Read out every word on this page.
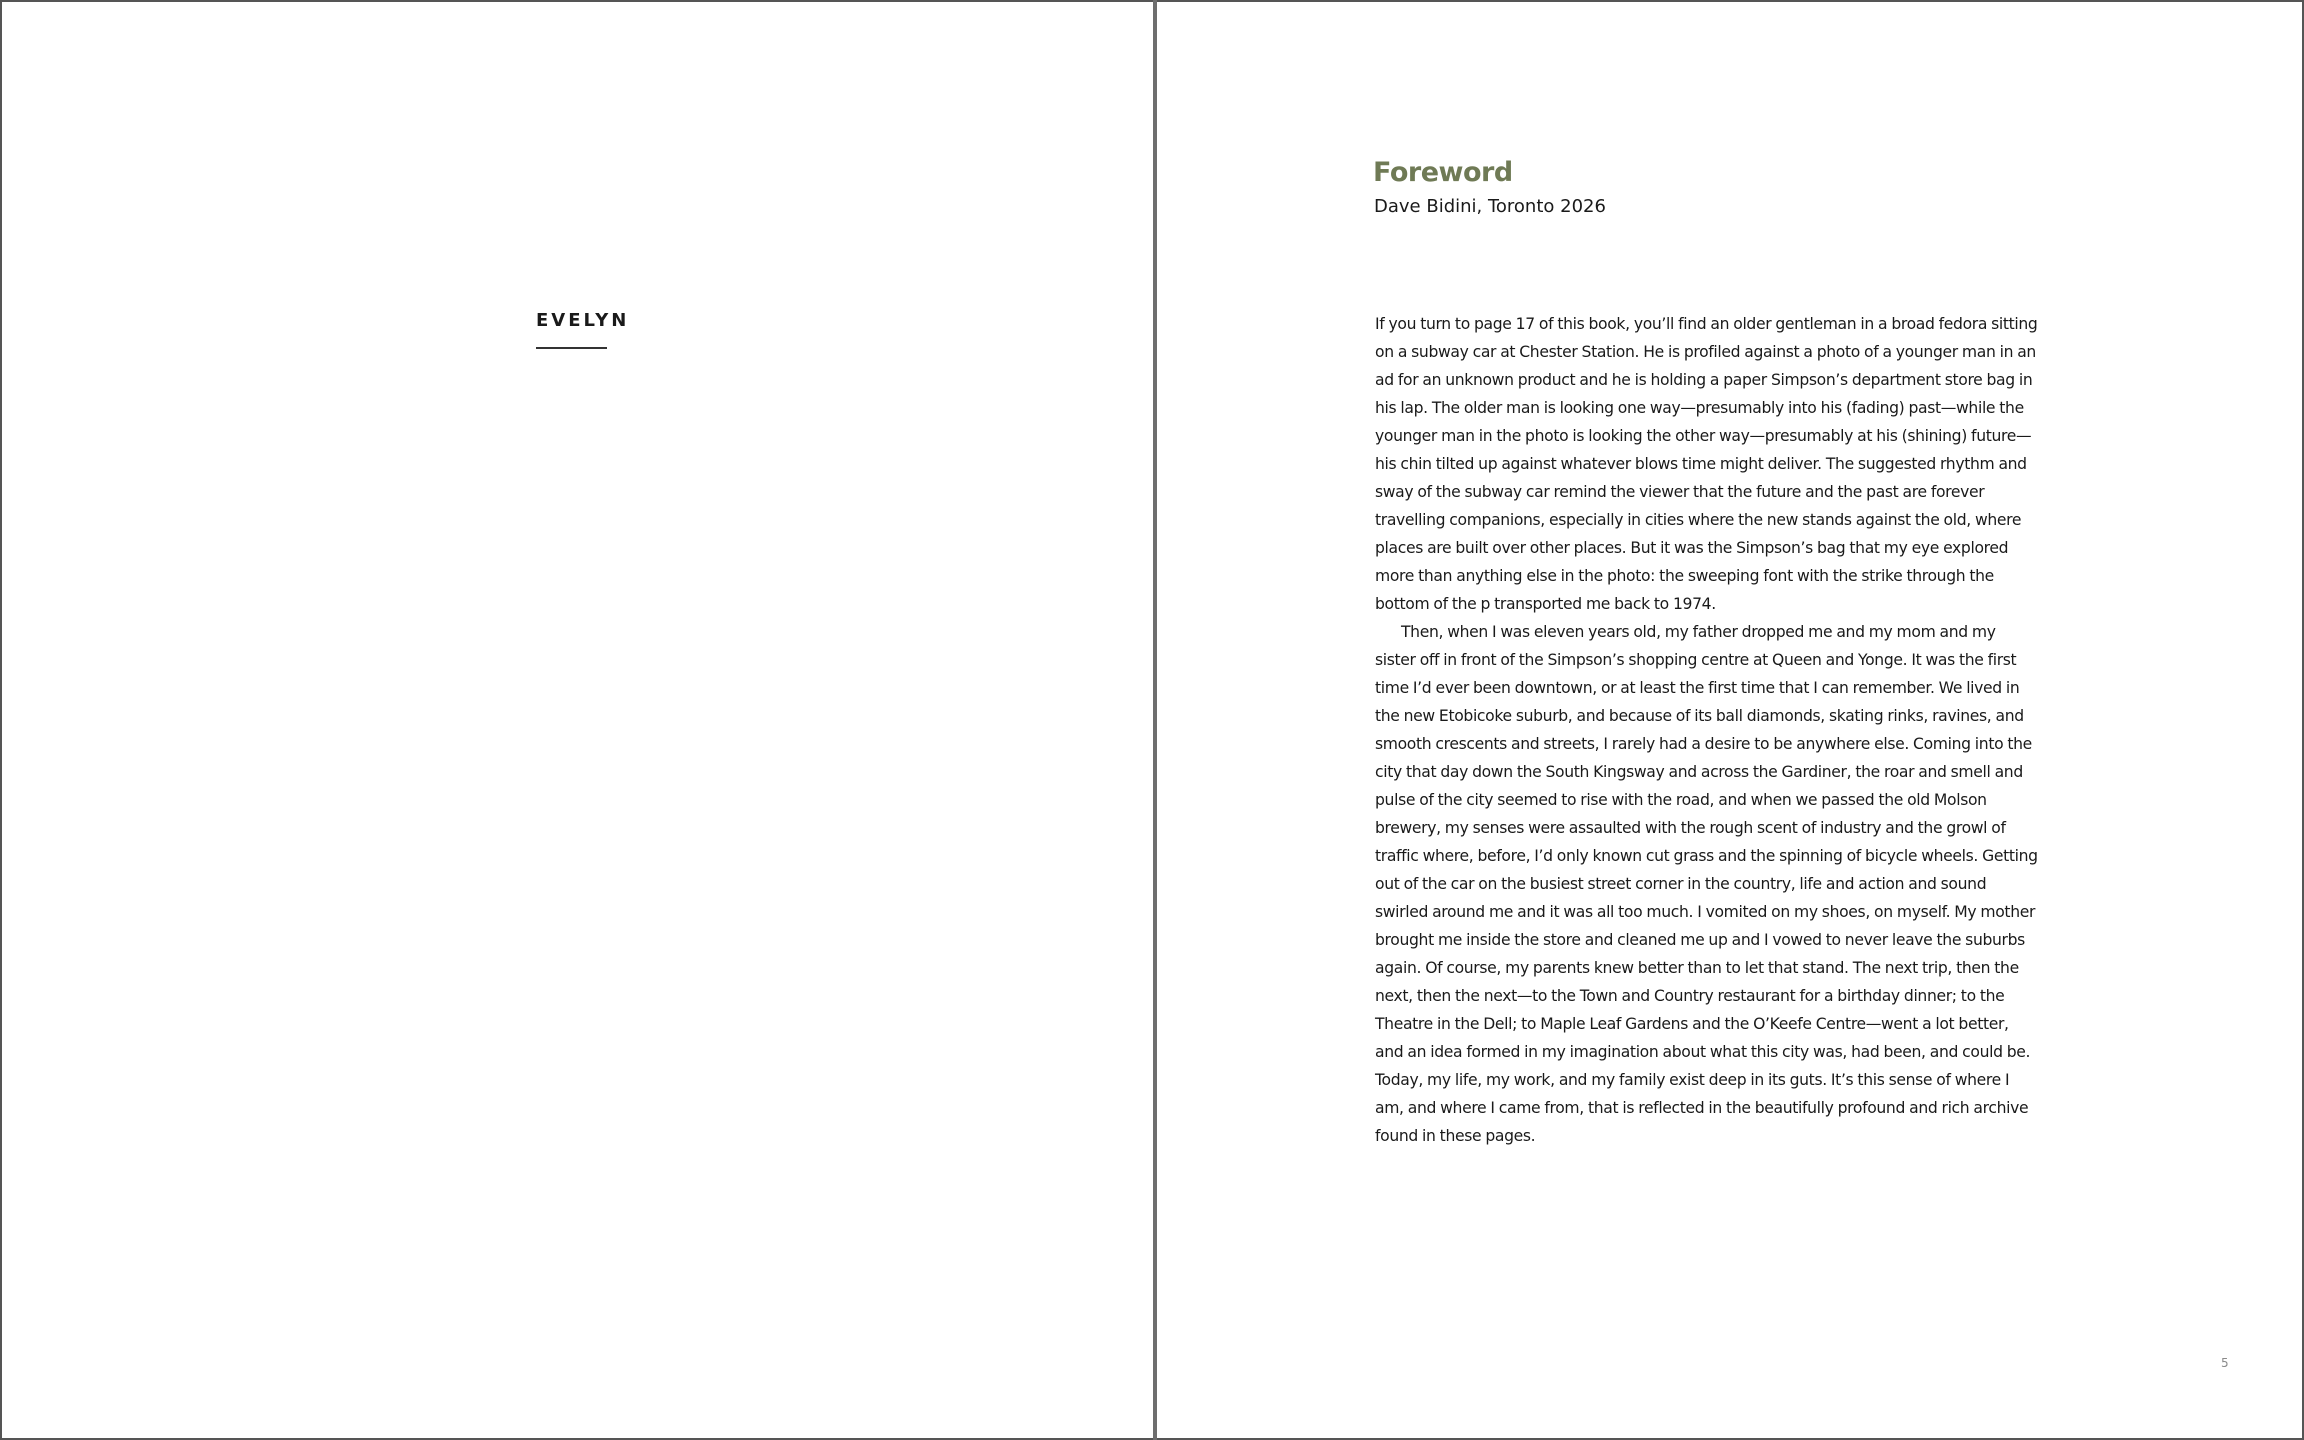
EVELYN
Foreword

Dave Bidini, Toronto 2026

If you turn to page 17 of this book, you’ll find an older gentleman in a broad fedora sitting on a subway car at Chester Station. He is profiled against a photo of a younger man in an ad for an unknown product and he is holding a paper Simpson’s department store bag in his lap. The older man is looking one way—presumably into his (fading) past—while the younger man in the photo is looking the other way—presumably at his (shining) future—his chin tilted up against whatever blows time might deliver. The suggested rhythm and sway of the subway car remind the viewer that the future and the past are forever travelling companions, especially in cities where the new stands against the old, where places are built over other places. But it was the Simpson’s bag that my eye explored more than anything else in the photo: the sweeping font with the strike through the bottom of the p transported me back to 1974.

Then, when I was eleven years old, my father dropped me and my mom and my sister off in front of the Simpson’s shopping centre at Queen and Yonge. It was the first time I’d ever been downtown, or at least the first time that I can remember. We lived in the new Etobicoke suburb, and because of its ball diamonds, skating rinks, ravines, and smooth crescents and streets, I rarely had a desire to be anywhere else. Coming into the city that day down the South Kingsway and across the Gardiner, the roar and smell and pulse of the city seemed to rise with the road, and when we passed the old Molson brewery, my senses were assaulted with the rough scent of industry and the growl of traffic where, before, I’d only known cut grass and the spinning of bicycle wheels. Getting out of the car on the busiest street corner in the country, life and action and sound swirled around me and it was all too much. I vomited on my shoes, on myself. My mother brought me inside the store and cleaned me up and I vowed to never leave the suburbs again. Of course, my parents knew better than to let that stand. The next trip, then the next, then the next—to the Town and Country restaurant for a birthday dinner; to the Theatre in the Dell; to Maple Leaf Gardens and the O’Keefe Centre—went a lot better, and an idea formed in my imagination about what this city was, had been, and could be. Today, my life, my work, and my family exist deep in its guts. It’s this sense of where I am, and where I came from, that is reflected in the beautifully profound and rich archive found in these pages.

5
